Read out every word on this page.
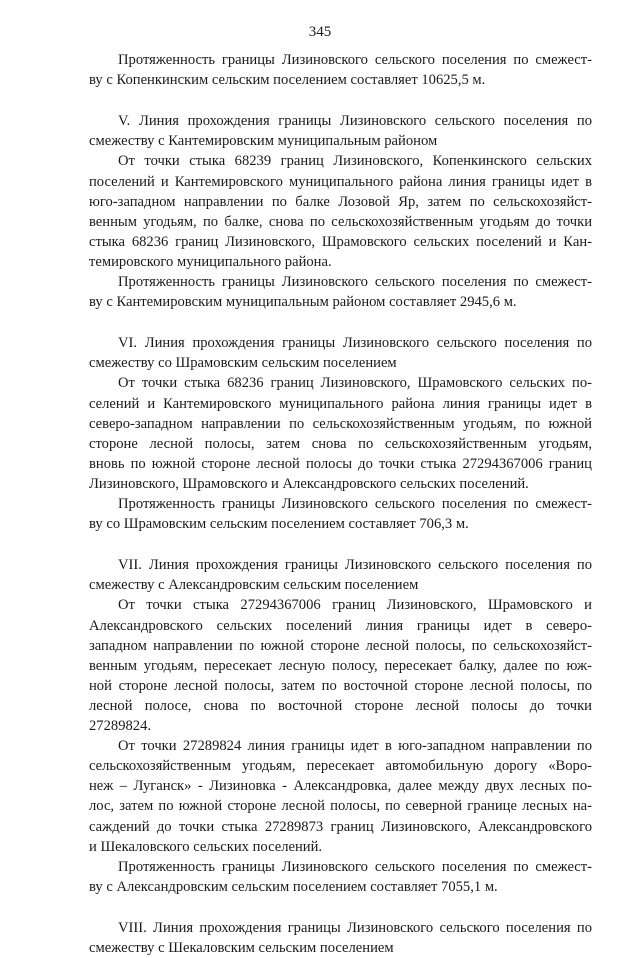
345
Протяженность границы Лизиновского сельского поселения по смежест-
ву с Копенкинским сельским поселением составляет 10625,5 м.
V. Линия прохождения границы Лизиновского сельского поселения по
смежеству с Кантемировским муниципальным районом
От точки стыка 68239 границ Лизиновского, Копенкинского сельских
поселений и Кантемировского муниципального района линия границы идет в
юго-западном направлении по балке Лозовой Яр, затем по сельскохозяйст-
венным угодьям, по балке, снова по сельскохозяйственным угодьям до точки
стыка 68236 границ Лизиновского, Шрамовского сельских поселений и Кан-
темировского муниципального района.
Протяженность границы Лизиновского сельского поселения по смежест-
ву с Кантемировским муниципальным районом составляет 2945,6 м.
VI. Линия прохождения границы Лизиновского сельского поселения по
смежеству со Шрамовским сельским поселением
От точки стыка 68236 границ Лизиновского, Шрамовского сельских по-
селений и Кантемировского муниципального района линия границы идет в
северо-западном направлении по сельскохозяйственным угодьям, по южной
стороне лесной полосы, затем снова по сельскохозяйственным угодьям,
вновь по южной стороне лесной полосы до точки стыка 27294367006 границ
Лизиновского, Шрамовского и Александровского сельских поселений.
Протяженность границы Лизиновского сельского поселения по смежест-
ву со Шрамовским сельским поселением составляет 706,3 м.
VII. Линия прохождения границы Лизиновского сельского поселения по
смежеству с Александровским сельским поселением
От точки стыка 27294367006 границ Лизиновского, Шрамовского и
Александровского сельских поселений линия границы идет в северо-
западном направлении по южной стороне лесной полосы, по сельскохозяйст-
венным угодьям, пересекает лесную полосу, пересекает балку, далее по юж-
ной стороне лесной полосы, затем по восточной стороне лесной полосы, по
лесной полосе, снова по восточной стороне лесной полосы до точки
27289824.
От точки 27289824 линия границы идет в юго-западном направлении по
сельскохозяйственным угодьям, пересекает автомобильную дорогу «Воро-
неж – Луганск» - Лизиновка - Александровка, далее между двух лесных по-
лос, затем по южной стороне лесной полосы, по северной границе лесных на-
саждений до точки стыка 27289873 границ Лизиновского, Александровского
и Шекаловского сельских поселений.
Протяженность границы Лизиновского сельского поселения по смежест-
ву с Александровским сельским поселением составляет 7055,1 м.
VIII. Линия прохождения границы Лизиновского сельского поселения по
смежеству с Шекаловским сельским поселением
